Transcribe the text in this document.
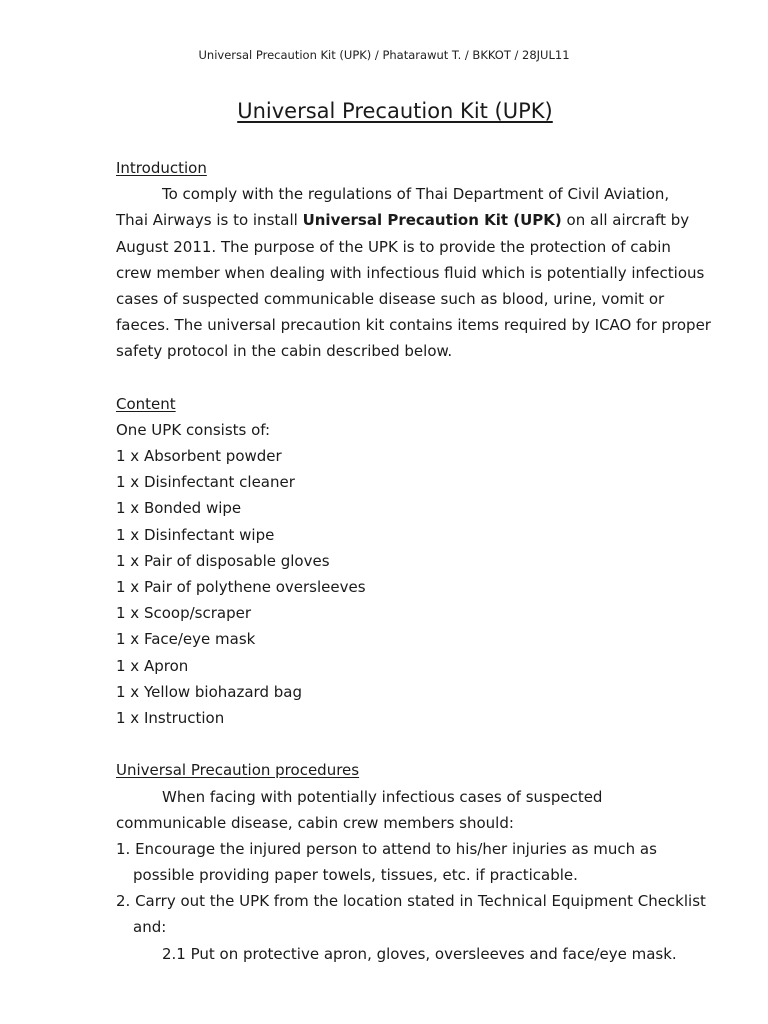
Universal Precaution Kit (UPK) / Phatarawut T. / BKKOT / 28JUL11
Universal Precaution Kit (UPK)
Introduction
To comply with the regulations of Thai Department of Civil Aviation,
Thai Airways is to install Universal Precaution Kit (UPK) on all aircraft by
August 2011. The purpose of the UPK is to provide the protection of cabin
crew member when dealing with infectious fluid which is potentially infectious
cases of suspected communicable disease such as blood, urine, vomit or
faeces. The universal precaution kit contains items required by ICAO for proper
safety protocol in the cabin described below.
Content
One UPK consists of:
1 x Absorbent powder
1 x Disinfectant cleaner
1 x Bonded wipe
1 x Disinfectant wipe
1 x Pair of disposable gloves
1 x Pair of polythene oversleeves
1 x Scoop/scraper
1 x Face/eye mask
1 x Apron
1 x Yellow biohazard bag
1 x Instruction
Universal Precaution procedures
When facing with potentially infectious cases of suspected
communicable disease, cabin crew members should:
1. Encourage the injured person to attend to his/her injuries as much as
possible providing paper towels, tissues, etc. if practicable.
2. Carry out the UPK from the location stated in Technical Equipment Checklist
and:
2.1 Put on protective apron, gloves, oversleeves and face/eye mask.
